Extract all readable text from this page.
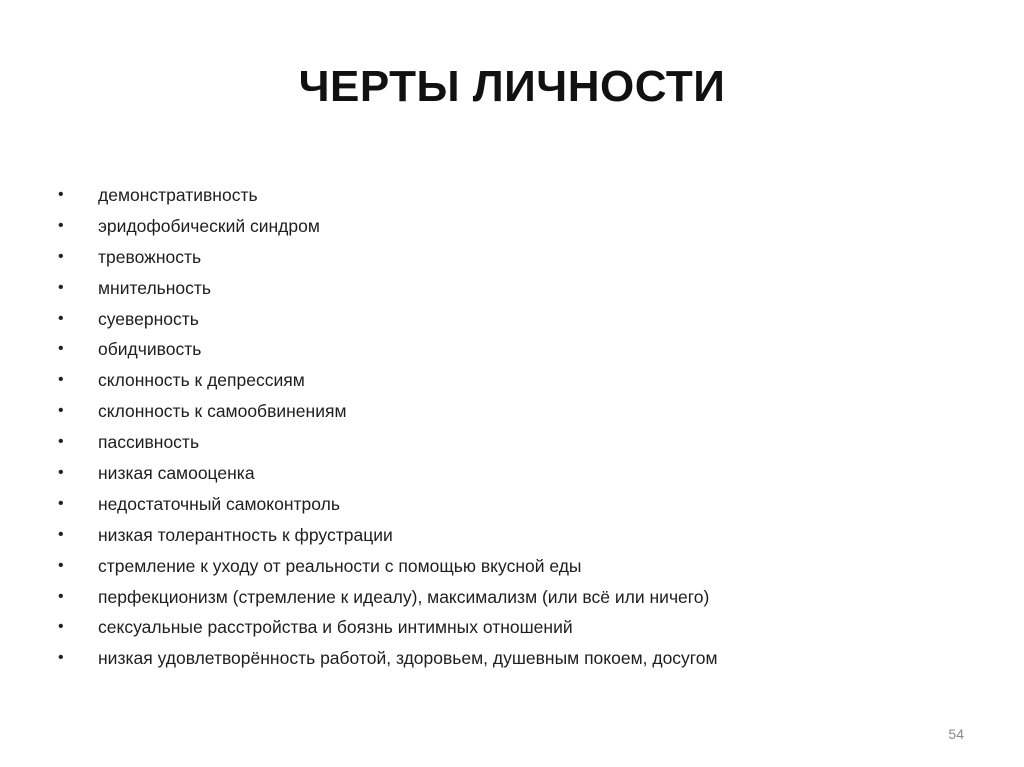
ЧЕРТЫ ЛИЧНОСТИ
•	демонстративность
•	эридофобический синдром
•	тревожность
•	мнительность
•	суеверность
•	обидчивость
•	склонность к депрессиям
•	склонность к самообвинениям
•	пассивность
•	низкая самооценка
•	недостаточный самоконтроль
•	низкая толерантность к фрустрации
•	стремление к уходу от реальности с помощью вкусной еды
•	перфекционизм (стремление к идеалу), максимализм (или всё или ничего)
•	сексуальные расстройства и боязнь интимных отношений
•	низкая удовлетворённость работой, здоровьем, душевным покоем, досугом
54
